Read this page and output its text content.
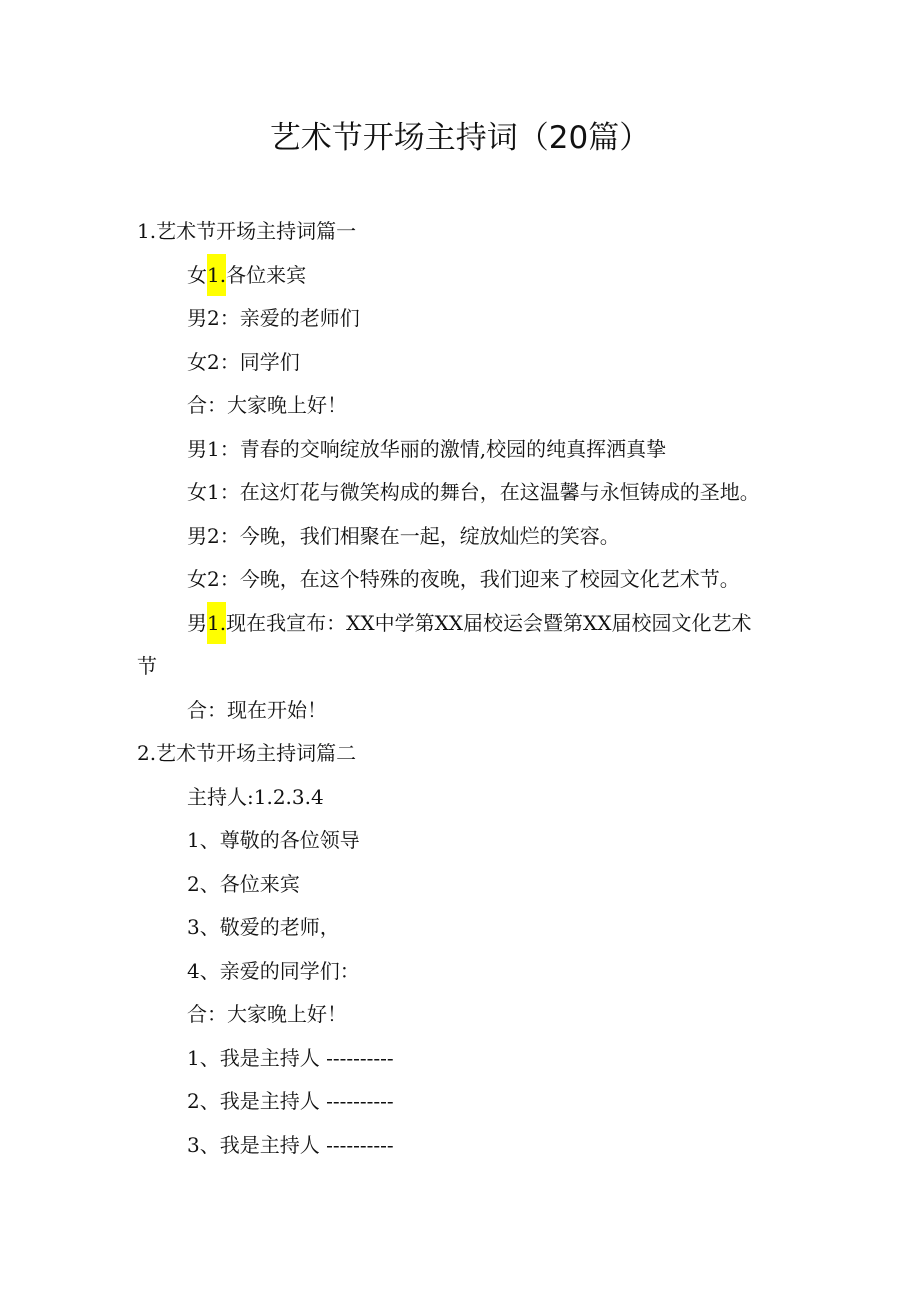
艺术节开场主持词（20篇）
1.艺术节开场主持词篇一
女1.各位来宾
男2：亲爱的老师们
女2：同学们
合：大家晚上好！
男1：青春的交响绽放华丽的激情,校园的纯真挥洒真挚
女1：在这灯花与微笑构成的舞台，在这温馨与永恒铸成的圣地。
男2：今晚，我们相聚在一起，绽放灿烂的笑容。
女2：今晚，在这个特殊的夜晚，我们迎来了校园文化艺术节。
男1.现在我宣布：XX中学第XX届校运会暨第XX届校园文化艺术
节
合：现在开始！
2.艺术节开场主持词篇二
主持人:1.2.3.4
1、尊敬的各位领导
2、各位来宾
3、敬爱的老师，
4、亲爱的同学们：
合：大家晚上好！
1、我是主持人 ----------
2、我是主持人 ----------
3、我是主持人 ----------
